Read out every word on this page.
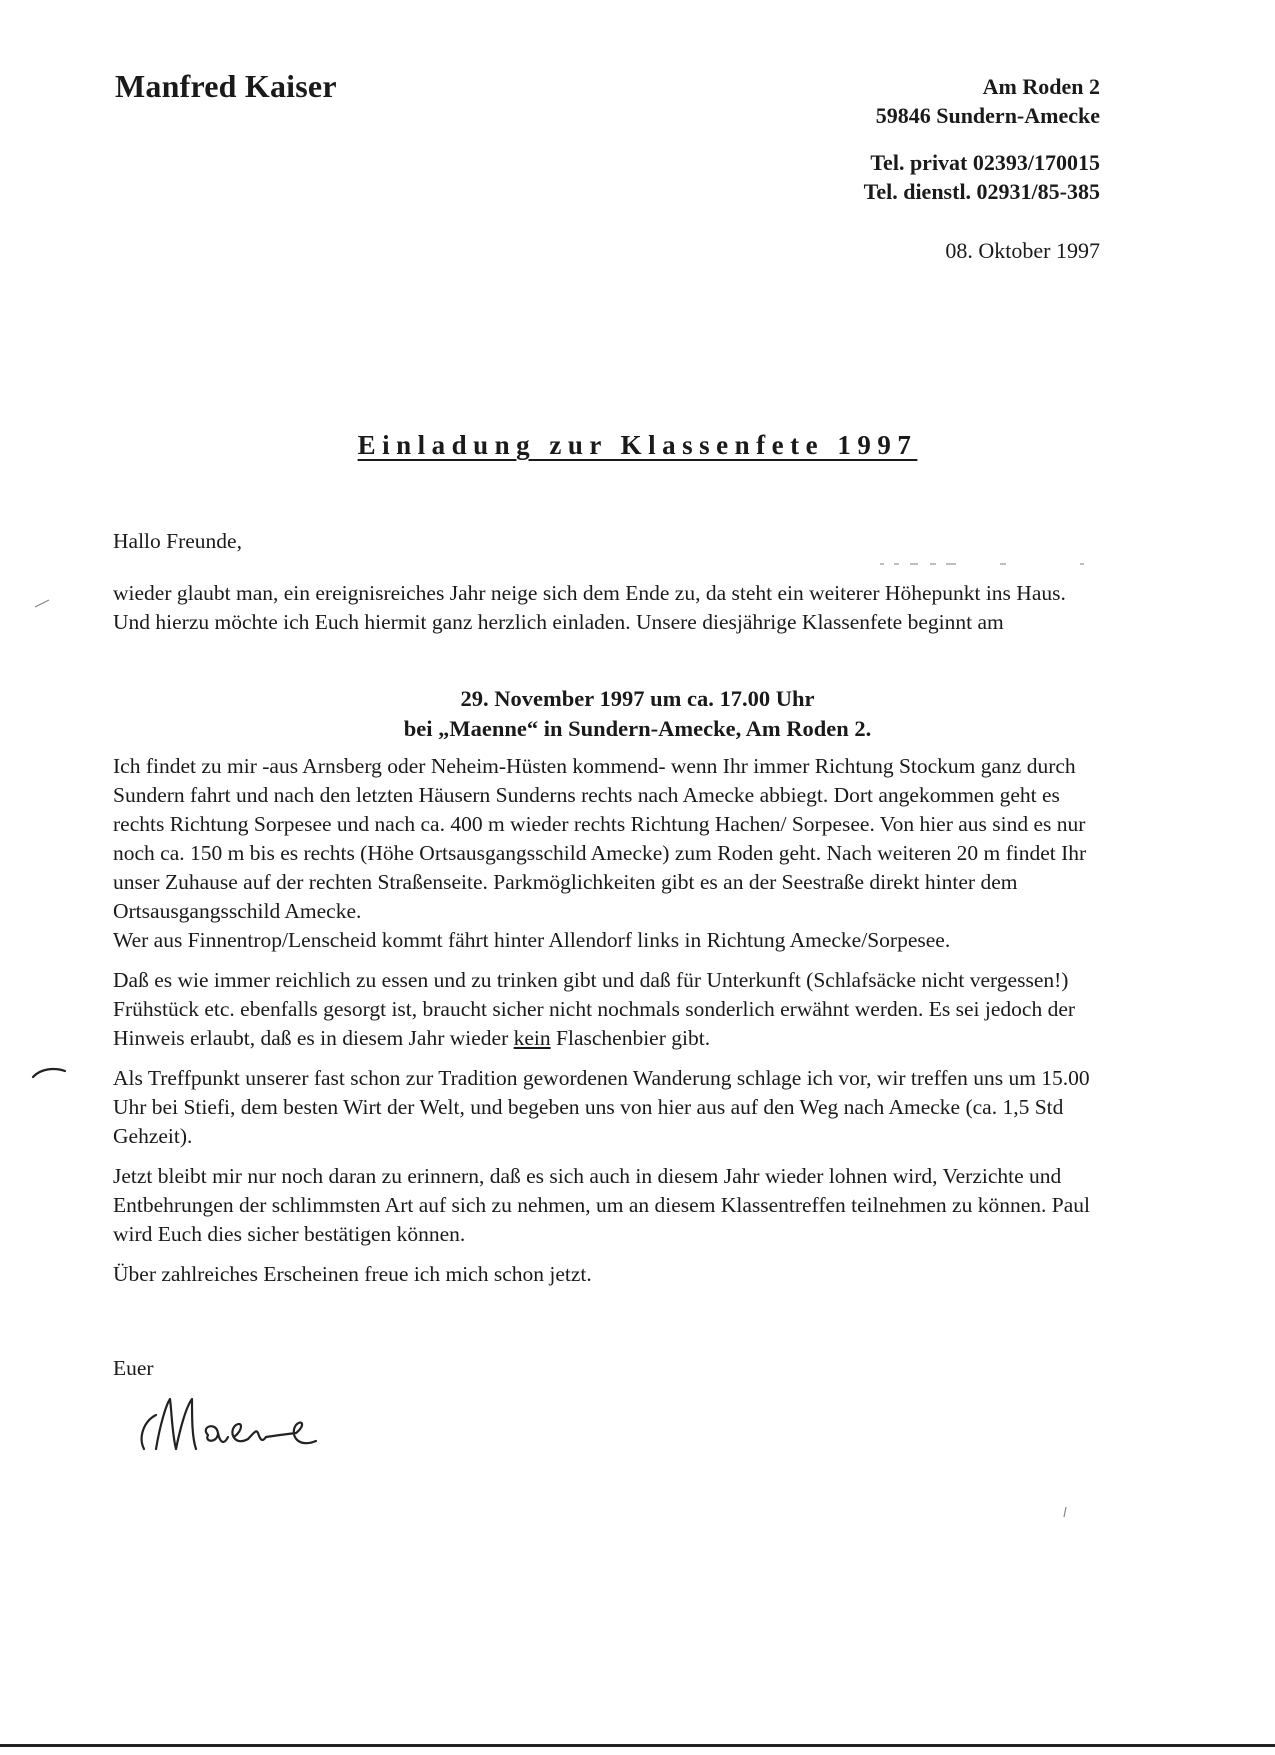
Manfred Kaiser	Am Roden 2
59846 Sundern-Amecke
Tel. privat 02393/170015
Tel. dienstl. 02931/85-385
08. Oktober 1997
Einladung zur Klassenfete 1997
Hallo Freunde,
wieder glaubt man, ein ereignisreiches Jahr neige sich dem Ende zu, da steht ein weiterer Höhepunkt ins Haus. Und hierzu möchte ich Euch hiermit ganz herzlich einladen. Unsere diesjährige Klassenfete beginnt am
29. November 1997 um ca. 17.00 Uhr
bei „Maenne“ in Sundern-Amecke, Am Roden 2.

Ich findet zu mir -aus Arnsberg oder Neheim-Hüsten kommend- wenn Ihr immer Richtung Stockum ganz durch Sundern fahrt und nach den letzten Häusern Sunderns rechts nach Amecke abbiegt. Dort angekommen geht es rechts Richtung Sorpesee und nach ca. 400 m wieder rechts Richtung Hachen/ Sorpesee. Von hier aus sind es nur noch ca. 150 m bis es rechts (Höhe Ortsausgangsschild Amecke) zum Roden geht. Nach weiteren 20 m findet Ihr unser Zuhause auf der rechten Straßenseite. Parkmöglichkeiten gibt es an der Seestraße direkt hinter dem Ortsausgangsschild Amecke.
Wer aus Finnentrop/Lenscheid kommt fährt hinter Allendorf links in Richtung Amecke/Sorpesee.

Daß es wie immer reichlich zu essen und zu trinken gibt und daß für Unterkunft (Schlafsäcke nicht vergessen!) Frühstück etc. ebenfalls gesorgt ist, braucht sicher nicht nochmals sonderlich erwähnt werden. Es sei jedoch der Hinweis erlaubt, daß es in diesem Jahr wieder kein Flaschenbier gibt.

Als Treffpunkt unserer fast schon zur Tradition gewordenen Wanderung schlage ich vor, wir treffen uns um 15.00 Uhr bei Stiefi, dem besten Wirt der Welt, und begeben uns von hier aus auf den Weg nach Amecke (ca. 1,5 Std Gehzeit).

Jetzt bleibt mir nur noch daran zu erinnern, daß es sich auch in diesem Jahr wieder lohnen wird, Verzichte und Entbehrungen der schlimmsten Art auf sich zu nehmen, um an diesem Klassentreffen teilnehmen zu können. Paul wird Euch dies sicher bestätigen können.

Über zahlreiches Erscheinen freue ich mich schon jetzt.

Euer
